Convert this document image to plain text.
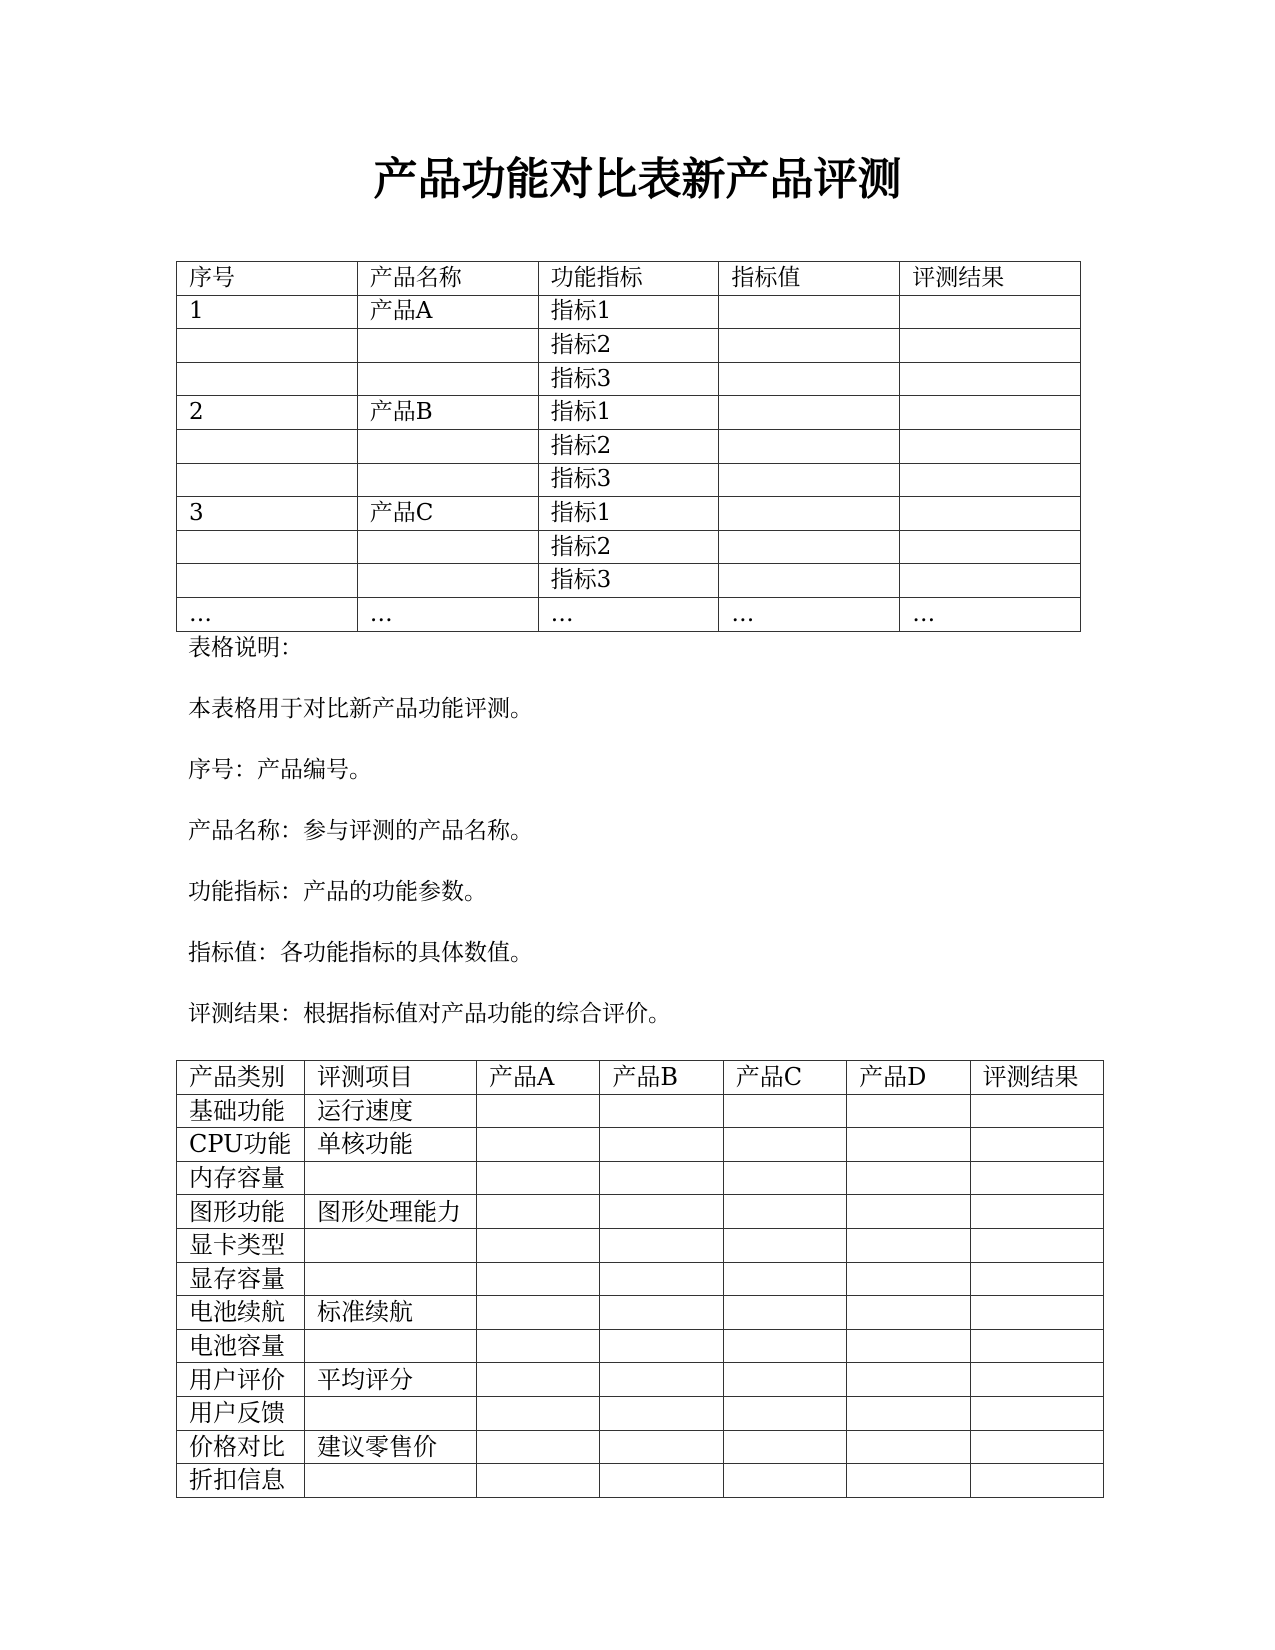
产品功能对比表新产品评测
序号	产品名称	功能指标	指标值	评测结果
1	产品A	指标1		
		指标2		
		指标3		
2	产品B	指标1		
		指标2		
		指标3		
3	产品C	指标1		
		指标2		
		指标3		
…	…	…	…	…

表格说明：

本表格用于对比新产品功能评测。

序号：产品编号。

产品名称：参与评测的产品名称。

功能指标：产品的功能参数。

指标值：各功能指标的具体数值。

评测结果：根据指标值对产品功能的综合评价。

产品类别	评测项目	产品A	产品B	产品C	产品D	评测结果
基础功能	运行速度					
CPU功能	单核功能					
内存容量						
图形功能	图形处理能力					
显卡类型						
显存容量						
电池续航	标准续航					
电池容量						
用户评价	平均评分					
用户反馈						
价格对比	建议零售价					
折扣信息						
